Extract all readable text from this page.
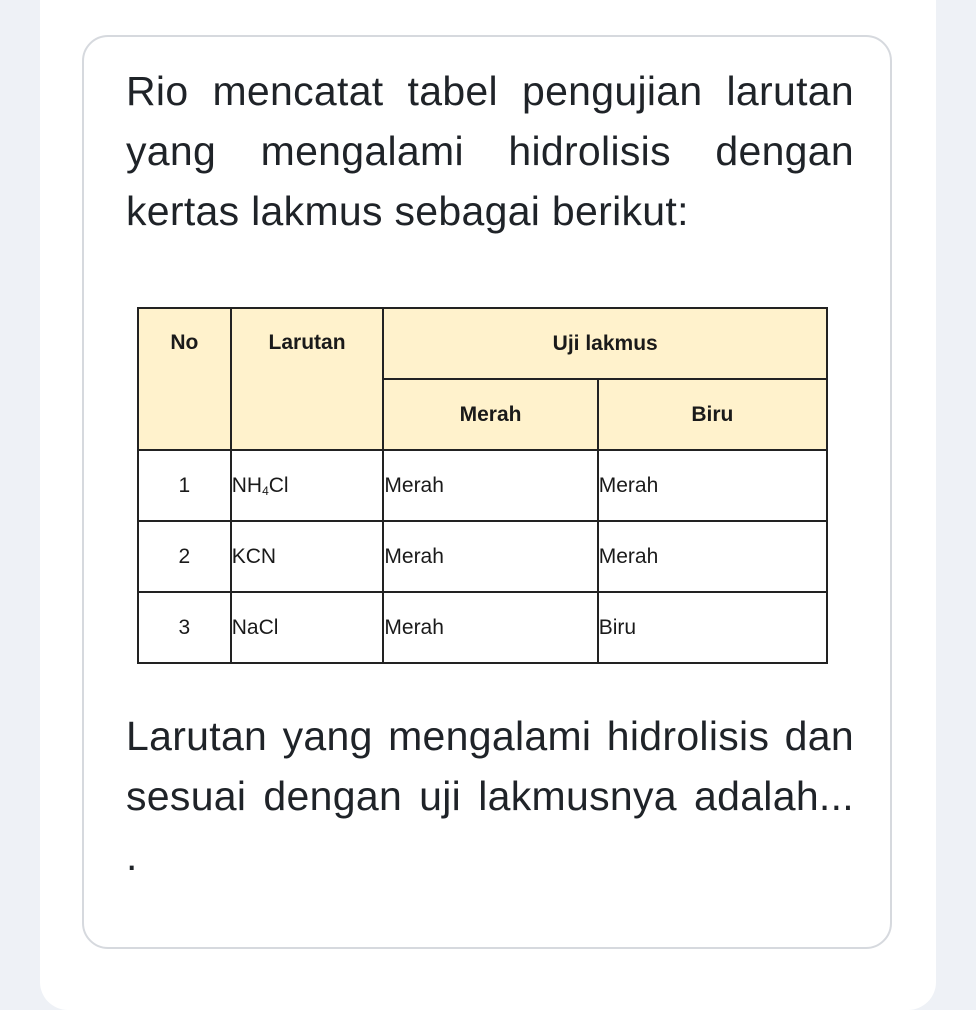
Rio mencatat tabel pengujian larutan yang mengalami hidrolisis dengan kertas lakmus sebagai berikut:

No	Larutan	Uji lakmus	
		Merah	Biru
1	$NH_4Cl$	Merah	Merah
2	KCN	Merah	Merah
3	NaCl	Merah	Biru

Larutan yang mengalami hidrolisis dan sesuai dengan uji lakmusnya adalah... .
